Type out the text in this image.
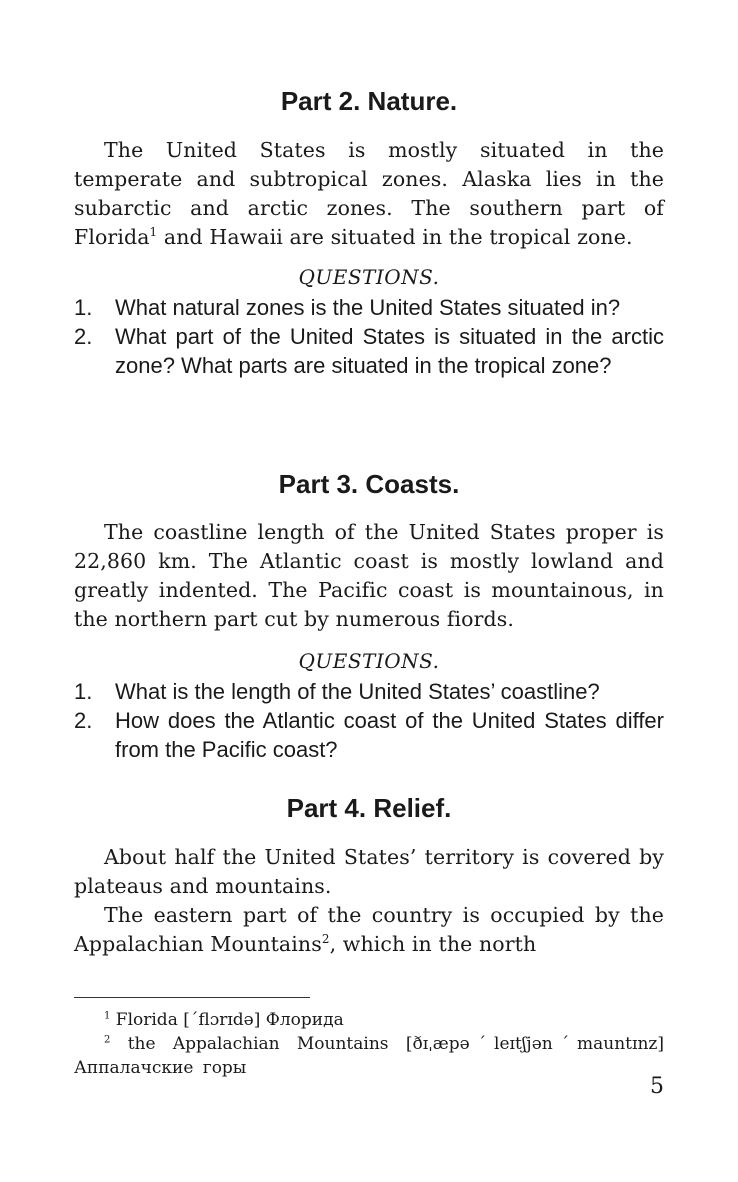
Part 2. Nature.

The United States is mostly situated in the temperate and subtropical zones. Alaska lies in the subarctic and arctic zones. The southern part of Florida$^1$ and Hawaii are situated in the tropical zone.

QUESTIONS.
1. What natural zones is the United States situated in?
2. What part of the United States is situated in the arctic zone? What parts are situated in the tropical zone?
Part 3. Coasts.

The coastline length of the United States proper is 22,860 km. The Atlantic coast is mostly lowland and greatly indented. The Pacific coast is mountainous, in the northern part cut by numerous fiords.

QUESTIONS.
1. What is the length of the United States’ coastline?
2. How does the Atlantic coast of the United States differ from the Pacific coast?
Part 4. Relief.

About half the United States’ territory is covered by plateaus and mountains.

The eastern part of the country is occupied by the Appalachian Mountains$^2$, which in the north

$^1$ Florida [ˊflɔrɪdə] Флорида

$^2$ the Appalachian Mountains [ðɪˌæpəˊleɪtʃjənˊmauntɪnz] Аппалачские горы

5
